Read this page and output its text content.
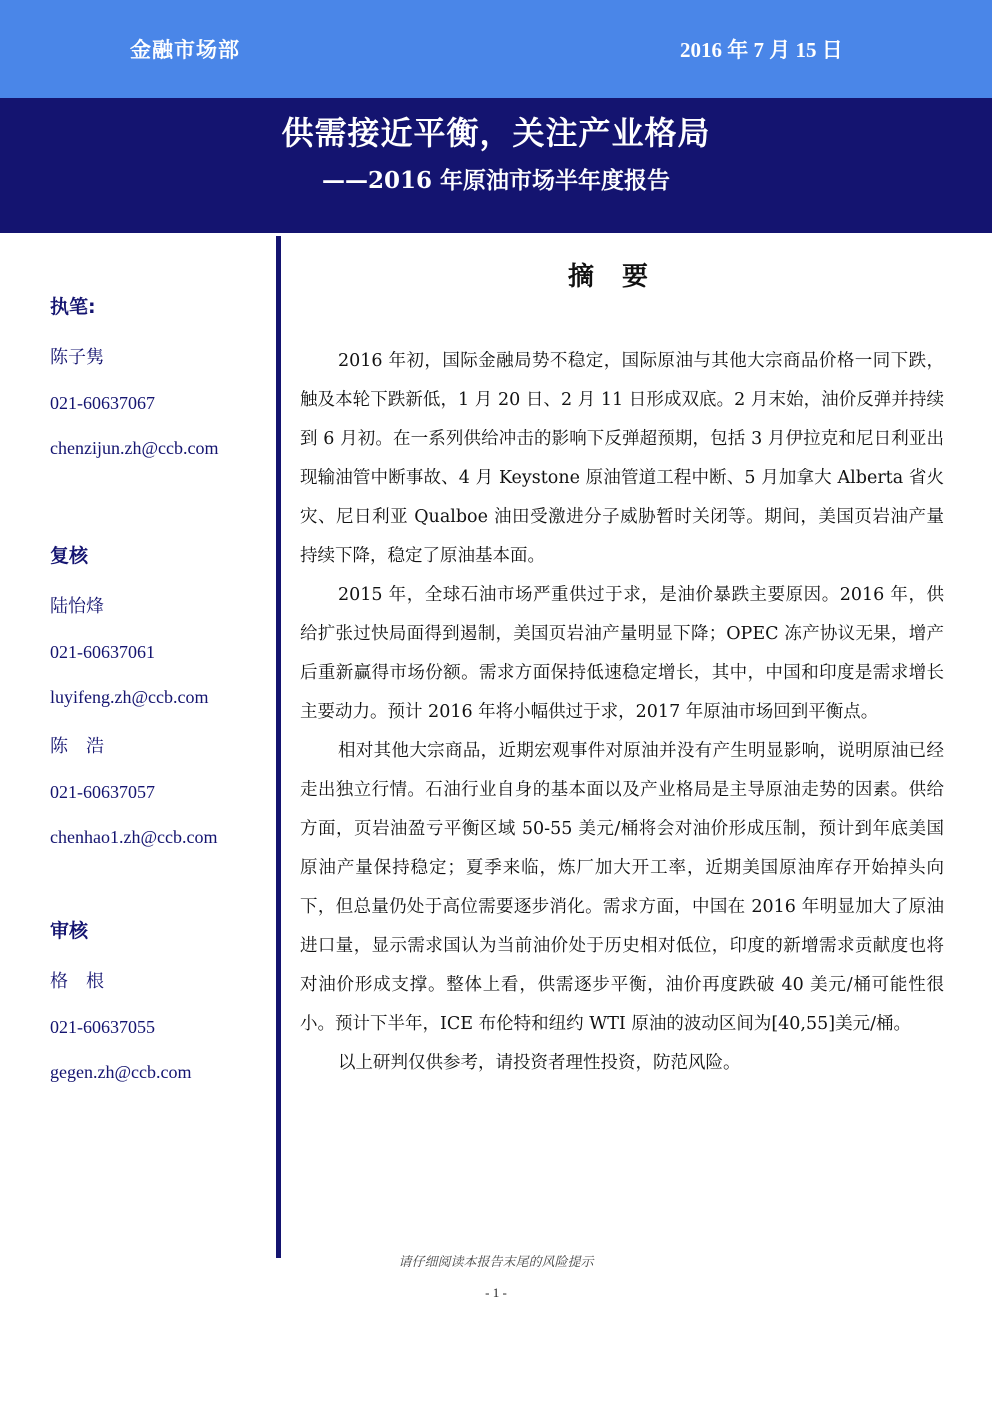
金融市场部	2016 年 7 月 15 日
供需接近平衡，关注产业格局
——2016 年原油市场半年度报告
执笔:
陈子隽
021-60637067
chenzijun.zh@ccb.com
复核
陆怡烽
021-60637061
luyifeng.zh@ccb.com
陈　浩
021-60637057
chenhao1.zh@ccb.com
审核
格　根
021-60637055
gegen.zh@ccb.com
摘要

2016 年初，国际金融局势不稳定，国际原油与其他大宗商品价格一同下跌，触及本轮下跌新低，1 月 20 日、2 月 11 日形成双底。2 月末始，油价反弹并持续到 6 月初。在一系列供给冲击的影响下反弹超预期，包括 3 月伊拉克和尼日利亚出现输油管中断事故、4 月 Keystone 原油管道工程中断、5 月加拿大 Alberta 省火灾、尼日利亚 Qualboe 油田受激进分子威胁暂时关闭等。期间，美国页岩油产量持续下降，稳定了原油基本面。

2015 年，全球石油市场严重供过于求，是油价暴跌主要原因。2016 年，供给扩张过快局面得到遏制，美国页岩油产量明显下降；OPEC 冻产协议无果，增产后重新赢得市场份额。需求方面保持低速稳定增长，其中，中国和印度是需求增长主要动力。预计 2016 年将小幅供过于求，2017 年原油市场回到平衡点。

相对其他大宗商品，近期宏观事件对原油并没有产生明显影响，说明原油已经走出独立行情。石油行业自身的基本面以及产业格局是主导原油走势的因素。供给方面，页岩油盈亏平衡区域 50-55 美元/桶将会对油价形成压制，预计到年底美国原油产量保持稳定；夏季来临，炼厂加大开工率，近期美国原油库存开始掉头向下，但总量仍处于高位需要逐步消化。需求方面，中国在 2016 年明显加大了原油进口量，显示需求国认为当前油价处于历史相对低位，印度的新增需求贡献度也将对油价形成支撑。整体上看，供需逐步平衡，油价再度跌破 40 美元/桶可能性很小。预计下半年，ICE 布伦特和纽约 WTI 原油的波动区间为[40,55]美元/桶。

以上研判仅供参考，请投资者理性投资，防范风险。

请仔细阅读本报告末尾的风险提示
- 1 -
